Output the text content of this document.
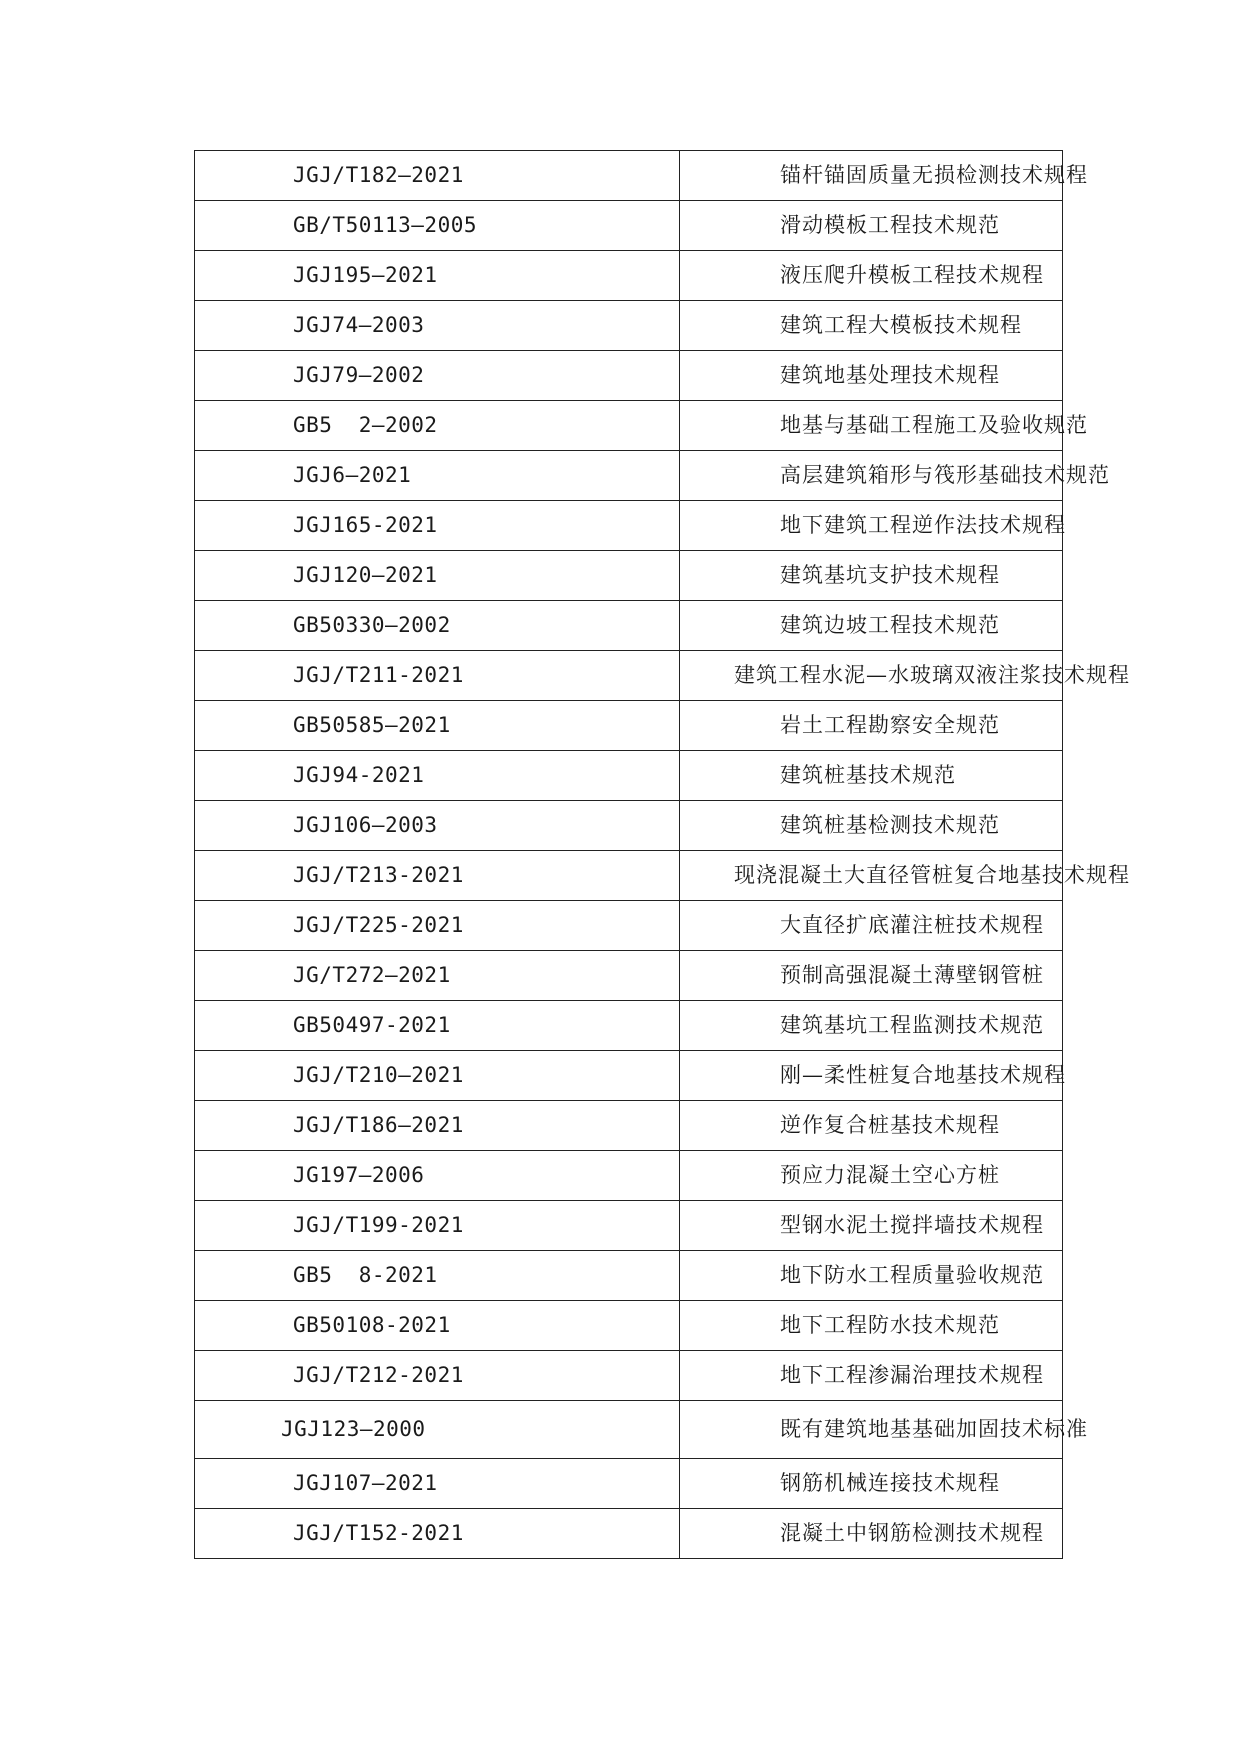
JGJ/T182—2021	锚杆锚固质量无损检测技术规程
GB/T50113—2005	滑动模板工程技术规范
JGJ195—2021	液压爬升模板工程技术规程
JGJ74—2003	建筑工程大模板技术规程
JGJ79—2002	建筑地基处理技术规程
GB5  2—2002	地基与基础工程施工及验收规范
JGJ6—2021	高层建筑箱形与筏形基础技术规范
JGJ165-2021	地下建筑工程逆作法技术规程
JGJ120—2021	建筑基坑支护技术规程
GB50330—2002	建筑边坡工程技术规范
JGJ/T211-2021	建筑工程水泥—水玻璃双液注浆技术规程
GB50585—2021	岩土工程勘察安全规范
JGJ94-2021	建筑桩基技术规范
JGJ106—2003	建筑桩基检测技术规范
JGJ/T213-2021	现浇混凝土大直径管桩复合地基技术规程
JGJ/T225-2021	大直径扩底灌注桩技术规程
JG/T272—2021	预制高强混凝土薄壁钢管桩
GB50497-2021	建筑基坑工程监测技术规范
JGJ/T210—2021	刚—柔性桩复合地基技术规程
JGJ/T186—2021	逆作复合桩基技术规程
JG197—2006	预应力混凝土空心方桩
JGJ/T199-2021	型钢水泥土搅拌墙技术规程
GB5  8-2021	地下防水工程质量验收规范
GB50108-2021	地下工程防水技术规范
JGJ/T212-2021	地下工程渗漏治理技术规程
JGJ123—2000	既有建筑地基基础加固技术标准
JGJ107—2021	钢筋机械连接技术规程
JGJ/T152-2021	混凝土中钢筋检测技术规程
